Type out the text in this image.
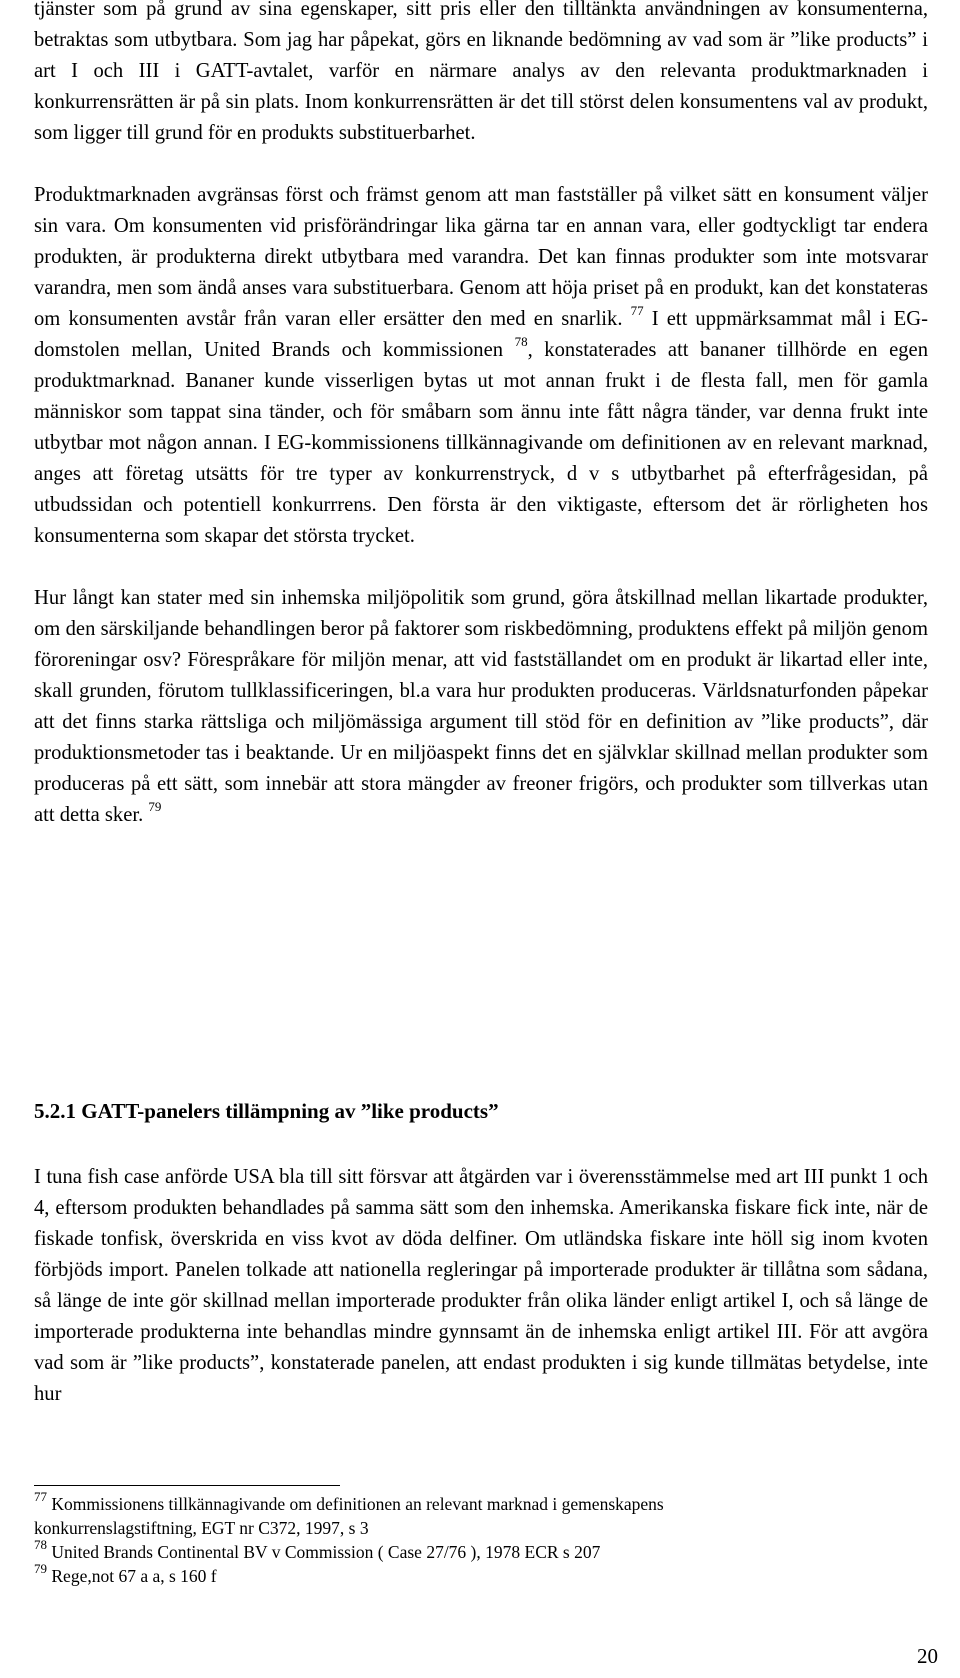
tjänster som på grund av sina egenskaper, sitt pris eller den tilltänkta användningen av konsumenterna, betraktas som utbytbara. Som jag har påpekat, görs en liknande bedömning av vad som är ”like products” i art I och III i GATT-avtalet, varför en närmare analys av den relevanta produktmarknaden i konkurrensrätten är på sin plats. Inom konkurrensrätten är det till störst delen konsumentens val av produkt, som ligger till grund för en produkts substituerbarhet.

Produktmarknaden avgränsas först och främst genom att man fastställer på vilket sätt en konsument väljer sin vara. Om konsumenten vid prisförändringar lika gärna tar en annan vara, eller godtyckligt tar endera produkten, är produkterna direkt utbytbara med varandra. Det kan finnas produkter som inte motsvarar varandra, men som ändå anses vara substituerbara. Genom att höja priset på en produkt, kan det konstateras om konsumenten avstår från varan eller ersätter den med en snarlik. $^{77}$ I ett uppmärksammat mål i EG-domstolen mellan, United Brands och kommissionen $^{78}$, konstaterades att bananer tillhörde en egen produktmarknad. Bananer kunde visserligen bytas ut mot annan frukt i de flesta fall, men för gamla människor som tappat sina tänder, och för småbarn som ännu inte fått några tänder, var denna frukt inte utbytbar mot någon annan. I EG-kommissionens tillkännagivande om definitionen av en relevant marknad, anges att företag utsätts för tre typer av konkurrenstryck, d v s utbytbarhet på efterfrågesidan, på utbudssidan och potentiell konkurrrens. Den första är den viktigaste, eftersom det är rörligheten hos konsumenterna som skapar det största trycket.

Hur långt kan stater med sin inhemska miljöpolitik som grund, göra åtskillnad mellan likartade produkter, om den särskiljande behandlingen beror på faktorer som riskbedömning, produktens effekt på miljön genom föroreningar osv? Förespråkare för miljön menar, att vid fastställandet om en produkt är likartad eller inte, skall grunden, förutom tullklassificeringen, bl.a vara hur produkten produceras. Världsnaturfonden påpekar att det finns starka rättsliga och miljömässiga argument till stöd för en definition av ”like products”, där produktionsmetoder tas i beaktande. Ur en miljöaspekt finns det en självklar skillnad mellan produkter som produceras på ett sätt, som innebär att stora mängder av freoner frigörs, och produkter som tillverkas utan att detta sker. $^{79}$

5.2.1 GATT-panelers tillämpning av ”like products”

I tuna fish case anförde USA bla till sitt försvar att åtgärden var i överensstämmelse med art III punkt 1 och 4, eftersom produkten behandlades på samma sätt som den inhemska. Amerikanska fiskare fick inte, när de fiskade tonfisk, överskrida en viss kvot av döda delfiner. Om utländska fiskare inte höll sig inom kvoten förbjöds import. Panelen tolkade att nationella regleringar på importerade produkter är tillåtna som sådana, så länge de inte gör skillnad mellan importerade produkter från olika länder enligt artikel I, och så länge de importerade produkterna inte behandlas mindre gynnsamt än de inhemska enligt artikel III. För att avgöra vad som är ”like products”, konstaterade panelen, att endast produkten i sig kunde tillmätas betydelse, inte hur

$^{77}$ Kommissionens tillkännagivande om definitionen an relevant marknad i gemenskapens

konkurrenslagstiftning, EGT nr C372, 1997, s 3

$^{78}$ United Brands Continental BV v Commission ( Case 27/76 ), 1978 ECR s 207

$^{79}$ Rege,not 67 a a, s 160 f

20
